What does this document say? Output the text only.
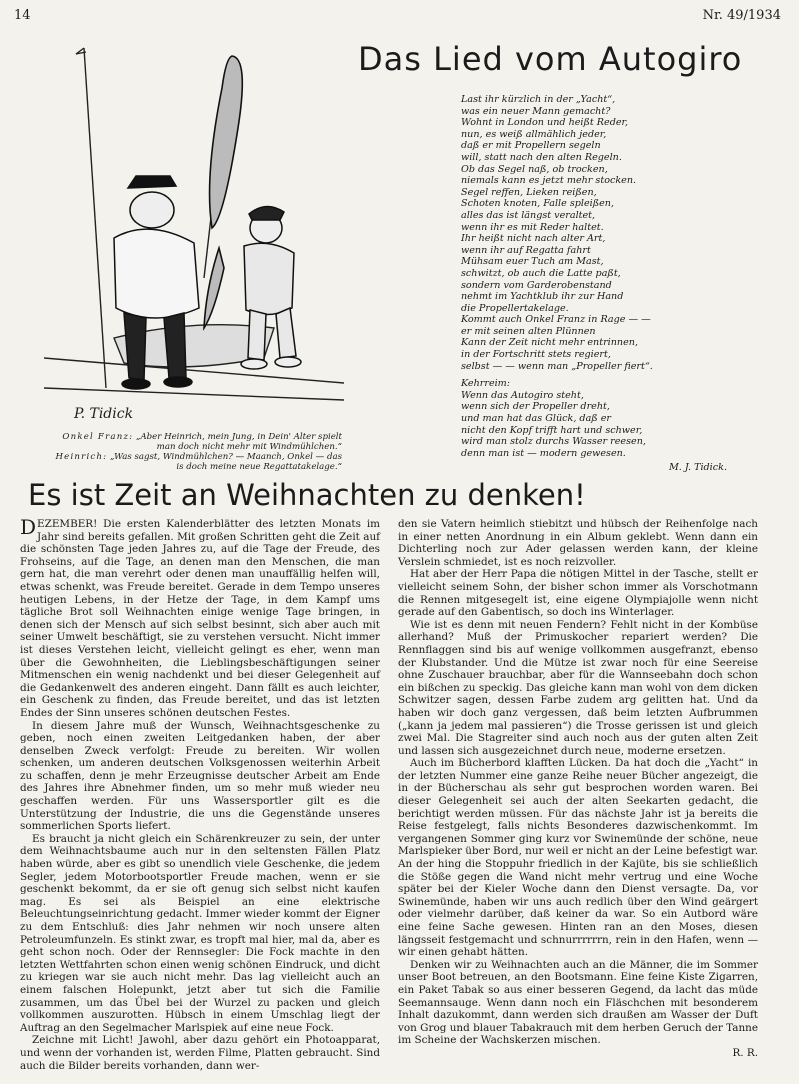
14	Nr. 49/1934
P. Tidick

Onkel Franz: „Aber Heinrich, mein Jung, in Dein' Alter spielt man doch nicht mehr mit Windmühlchen.“

Heinrich: „Was sagst, Windmühlchen? — Maanch, Onkel — das is doch meine neue Regattatakelage.“

Das Lied vom Autogiro
Last ihr kürzlich in der „Yacht“,
was ein neuer Mann gemacht?
Wohnt in London und heißt Reder,
nun, es weiß allmählich jeder,
daß er mit Propellern segeln
will, statt nach den alten Regeln.
Ob das Segel naß, ob trocken,
niemals kann es jetzt mehr stocken.
Segel reffen, Lieken reißen,
Schoten knoten, Falle spleißen,
alles das ist längst veraltet,
wenn ihr es mit Reder haltet.
Ihr heißt nicht nach alter Art,
wenn ihr auf Regatta fahrt
Mühsam euer Tuch am Mast,
schwitzt, ob auch die Latte paßt,
sondern vom Garderobenstand
nehmt im Yachtklub ihr zur Hand
die Propellertakelage.
Kommt auch Onkel Franz in Rage — —
er mit seinen alten Plünnen
Kann der Zeit nicht mehr entrinnen,
in der Fortschritt stets regiert,
selbst — — wenn man „Propeller fiert“.
Kehrreim:
Wenn das Autogiro steht,
wenn sich der Propeller dreht,
und man hat das Glück, daß er
nicht den Kopf trifft hart und schwer,
wird man stolz durchs Wasser reesen,
denn man ist — modern gewesen.
M. J. Tidick.
Es ist Zeit an Weihnachten zu denken!

DEZEMBER! Die ersten Kalenderblätter des letzten Monats im Jahr sind bereits gefallen. Mit großen Schritten geht die Zeit auf die schönsten Tage jeden Jahres zu, auf die Tage der Freude, des Frohseins, auf die Tage, an denen man den Menschen, die man gern hat, die man verehrt oder denen man unauffällig helfen will, etwas schenkt, was Freude bereitet. Gerade in dem Tempo unseres heutigen Lebens, in der Hetze der Tage, in dem Kampf ums tägliche Brot soll Weihnachten einige wenige Tage bringen, in denen sich der Mensch auf sich selbst besinnt, sich aber auch mit seiner Umwelt beschäftigt, sie zu verstehen versucht. Nicht immer ist dieses Verstehen leicht, vielleicht gelingt es eher, wenn man über die Gewohnheiten, die Lieblingsbeschäftigungen seiner Mitmenschen ein wenig nachdenkt und bei dieser Gelegenheit auf die Gedankenwelt des anderen eingeht. Dann fällt es auch leichter, ein Geschenk zu finden, das Freude bereitet, und das ist letzten Endes der Sinn unseres schönen deutschen Festes.

In diesem Jahre muß der Wunsch, Weihnachtsgeschenke zu geben, noch einen zweiten Leitgedanken haben, der aber denselben Zweck verfolgt: Freude zu bereiten. Wir wollen schenken, um anderen deutschen Volksgenossen weiterhin Arbeit zu schaffen, denn je mehr Erzeugnisse deutscher Arbeit am Ende des Jahres ihre Abnehmer finden, um so mehr muß wieder neu geschaffen werden. Für uns Wassersportler gilt es die Unterstützung der Industrie, die uns die Gegenstände unseres sommerlichen Sports liefert.

Es braucht ja nicht gleich ein Schärenkreuzer zu sein, der unter dem Weihnachtsbaume auch nur in den seltensten Fällen Platz haben würde, aber es gibt so unendlich viele Geschenke, die jedem Segler, jedem Motorbootsportler Freude machen, wenn er sie geschenkt bekommt, da er sie oft genug sich selbst nicht kaufen mag. Es sei als Beispiel an eine elektrische Beleuchtungseinrichtung gedacht. Immer wieder kommt der Eigner zu dem Entschluß: dies Jahr nehmen wir noch unsere alten Petroleumfunzeln. Es stinkt zwar, es tropft mal hier, mal da, aber es geht schon noch. Oder der Rennsegler: Die Fock machte in den letzten Wettfahrten schon einen wenig schönen Eindruck, und dicht zu kriegen war sie auch nicht mehr. Das lag vielleicht auch an einem falschen Holepunkt, jetzt aber tut sich die Familie zusammen, um das Übel bei der Wurzel zu packen und gleich vollkommen auszurotten. Hübsch in einem Umschlag liegt der Auftrag an den Segelmacher Marlspiek auf eine neue Fock.

Zeichne mit Licht! Jawohl, aber dazu gehört ein Photoapparat, und wenn der vorhanden ist, werden Filme, Platten gebraucht. Sind auch die Bilder bereits vorhanden, dann wer-

den sie Vatern heimlich stiebitzt und hübsch der Reihenfolge nach in einer netten Anordnung in ein Album geklebt. Wenn dann ein Dichterling noch zur Ader gelassen werden kann, der kleine Verslein schmiedet, ist es noch reizvoller.

Hat aber der Herr Papa die nötigen Mittel in der Tasche, stellt er vielleicht seinem Sohn, der bisher schon immer als Vorschotmann die Rennen mitgesegelt ist, eine eigene Olympiajolle wenn nicht gerade auf den Gabentisch, so doch ins Winterlager.

Wie ist es denn mit neuen Fendern? Fehlt nicht in der Kombüse allerhand? Muß der Primuskocher repariert werden? Die Rennflaggen sind bis auf wenige vollkommen ausgefranzt, ebenso der Klubstander. Und die Mütze ist zwar noch für eine Seereise ohne Zuschauer brauchbar, aber für die Wannseebahn doch schon ein bißchen zu speckig. Das gleiche kann man wohl von dem dicken Schwitzer sagen, dessen Farbe zudem arg gelitten hat. Und da haben wir doch ganz vergessen, daß beim letzten Aufbrummen („kann ja jedem mal passieren“) die Trosse gerissen ist und gleich zwei Mal. Die Stagreiter sind auch noch aus der guten alten Zeit und lassen sich ausgezeichnet durch neue, moderne ersetzen.

Auch im Bücherbord klafften Lücken. Da hat doch die „Yacht“ in der letzten Nummer eine ganze Reihe neuer Bücher angezeigt, die in der Bücherschau als sehr gut besprochen worden waren. Bei dieser Gelegenheit sei auch der alten Seekarten gedacht, die berichtigt werden müssen. Für das nächste Jahr ist ja bereits die Reise festgelegt, falls nichts Besonderes dazwischenkommt. Im vergangenen Sommer ging kurz vor Swinemünde der schöne, neue Marlspieker über Bord, nur weil er nicht an der Leine befestigt war. An der hing die Stoppuhr friedlich in der Kajüte, bis sie schließlich die Stöße gegen die Wand nicht mehr vertrug und eine Woche später bei der Kieler Woche dann den Dienst versagte. Da, vor Swinemünde, haben wir uns auch redlich über den Wind geärgert oder vielmehr darüber, daß keiner da war. So ein Autbord wäre eine feine Sache gewesen. Hinten ran an den Moses, diesen längsseit festgemacht und schnurrrrrrn, rein in den Hafen, wenn — wir einen gehabt hätten.

Denken wir zu Weihnachten auch an die Männer, die im Sommer unser Boot betreuen, an den Bootsmann. Eine feine Kiste Zigarren, ein Paket Tabak so aus einer besseren Gegend, da lacht das müde Seemannsauge. Wenn dann noch ein Fläschchen mit besonderem Inhalt dazukommt, dann werden sich draußen am Wasser der Duft von Grog und blauer Tabakrauch mit dem herben Geruch der Tanne im Scheine der Wachskerzen mischen.

R. R.
